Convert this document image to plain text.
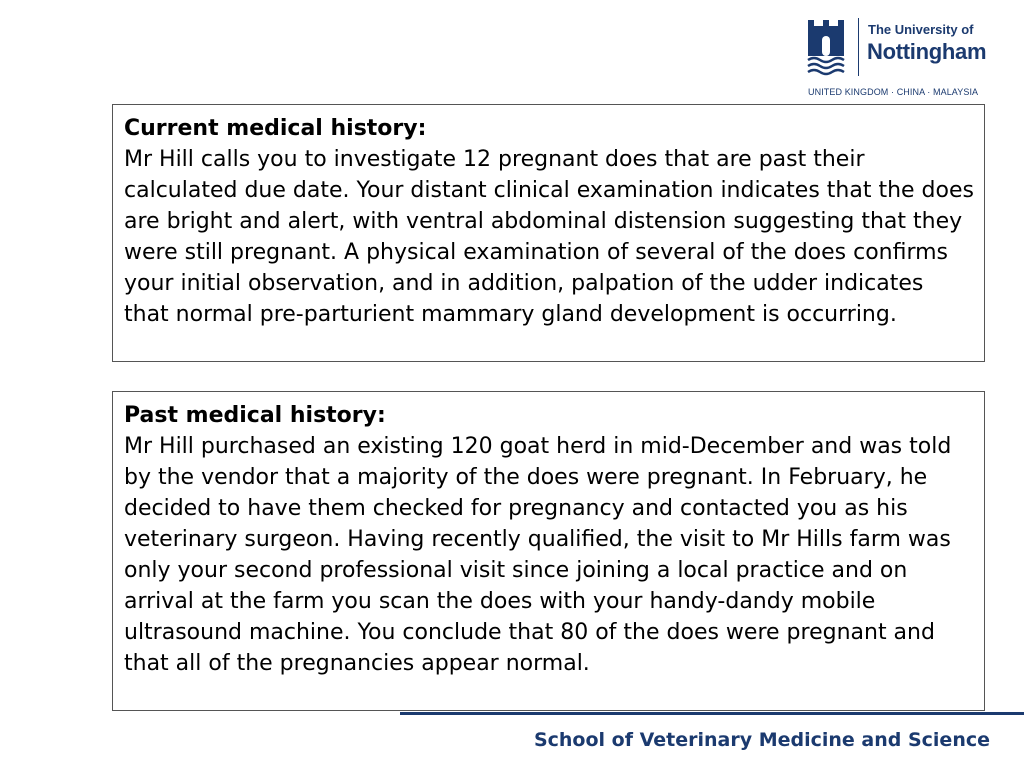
The University of
Nottingham
UNITED KINGDOM · CHINA · MALAYSIA
Current medical history:
Mr Hill calls you to investigate 12 pregnant does that are past their calculated due date. Your distant clinical examination indicates that the does are bright and alert, with ventral abdominal distension suggesting that they were still pregnant. A physical examination of several of the does confirms your initial observation, and in addition, palpation of the udder indicates that normal pre-parturient mammary gland development is occurring.
Past medical history:
Mr Hill purchased an existing 120 goat herd in mid-December and was told by the vendor that a majority of the does were pregnant. In February, he decided to have them checked for pregnancy and contacted you as his veterinary surgeon. Having recently qualified, the visit to Mr Hills farm was only your second professional visit since joining a local practice and on arrival at the farm you scan the does with your handy-dandy mobile ultrasound machine. You conclude that 80 of the does were pregnant and that all of the pregnancies appear normal.
School of Veterinary Medicine and Science
